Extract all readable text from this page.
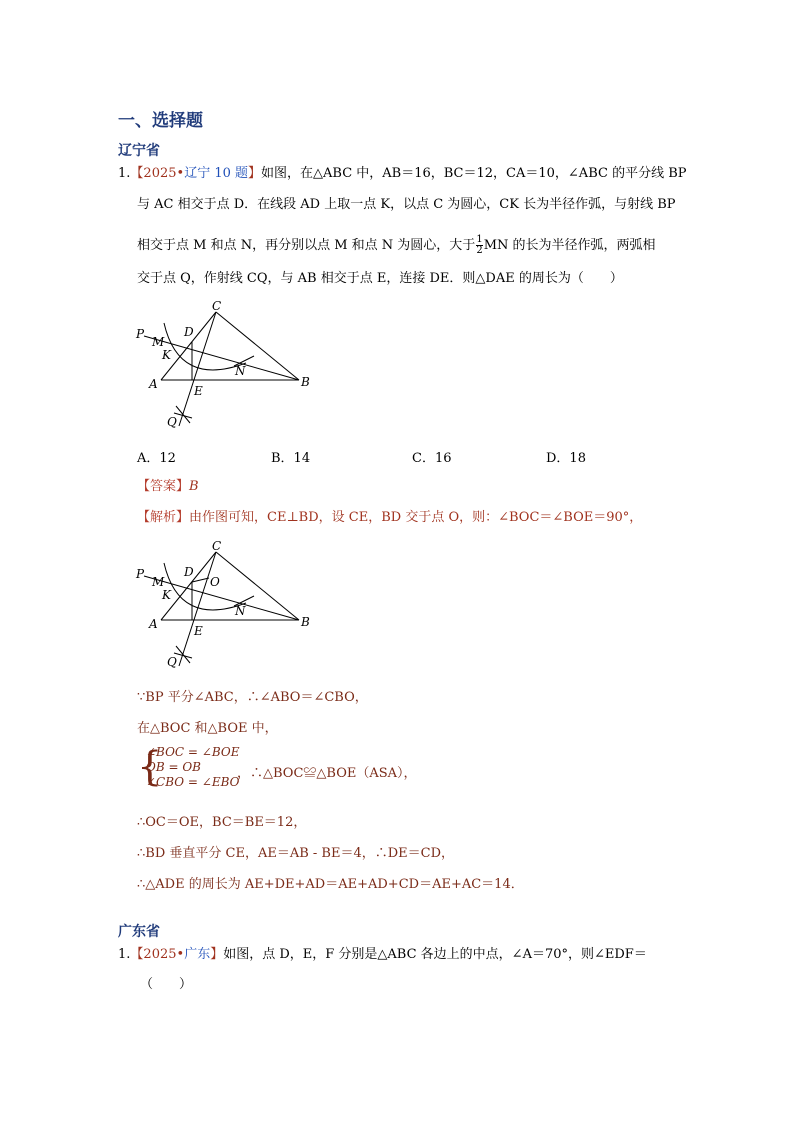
一、选择题
辽宁省
1.【2025•辽宁 10 题】如图，在△ABC 中，AB＝16，BC＝12，CA＝10，∠ABC 的平分线 BP
与 AC 相交于点 D．在线段 AD 上取一点 K，以点 C 为圆心，CK 长为半径作弧，与射线 BP
相交于点 M 和点 N，再分别以点 M 和点 N 为圆心，大于 $\frac{1}{2}$ MN 的长为半径作弧，两弧相
交于点 Q，作射线 CQ，与 AB 相交于点 E，连接 DE．则△DAE 的周长为（　　）
C
P	D
M
K
N
A	E
B
Q
A．12	B．14	C．16	D．18
【答案】B
【解析】由作图可知，CE⊥BD，设 CE，BD 交于点 O，则：∠BOC＝∠BOE＝90°，
C
P	D
O
M
K
N
A	E
B
Q
∵BP 平分∠ABC，∴∠ABO＝∠CBO，
在△BOC 和△BOE 中，
{
∠BOC = ∠BOE
OB = OB
∠CBO = ∠EBO
，∴△BOC≌△BOE（ASA），
∴OC＝OE，BC＝BE＝12，
∴BD 垂直平分 CE，AE＝AB - BE＝4，∴DE＝CD，
∴△ADE 的周长为 AE+DE+AD＝AE+AD+CD＝AE+AC＝14．
广东省
1.【2025•广东】如图，点 D，E，F 分别是△ABC 各边上的中点，∠A＝70°，则∠EDF＝
（　　）
